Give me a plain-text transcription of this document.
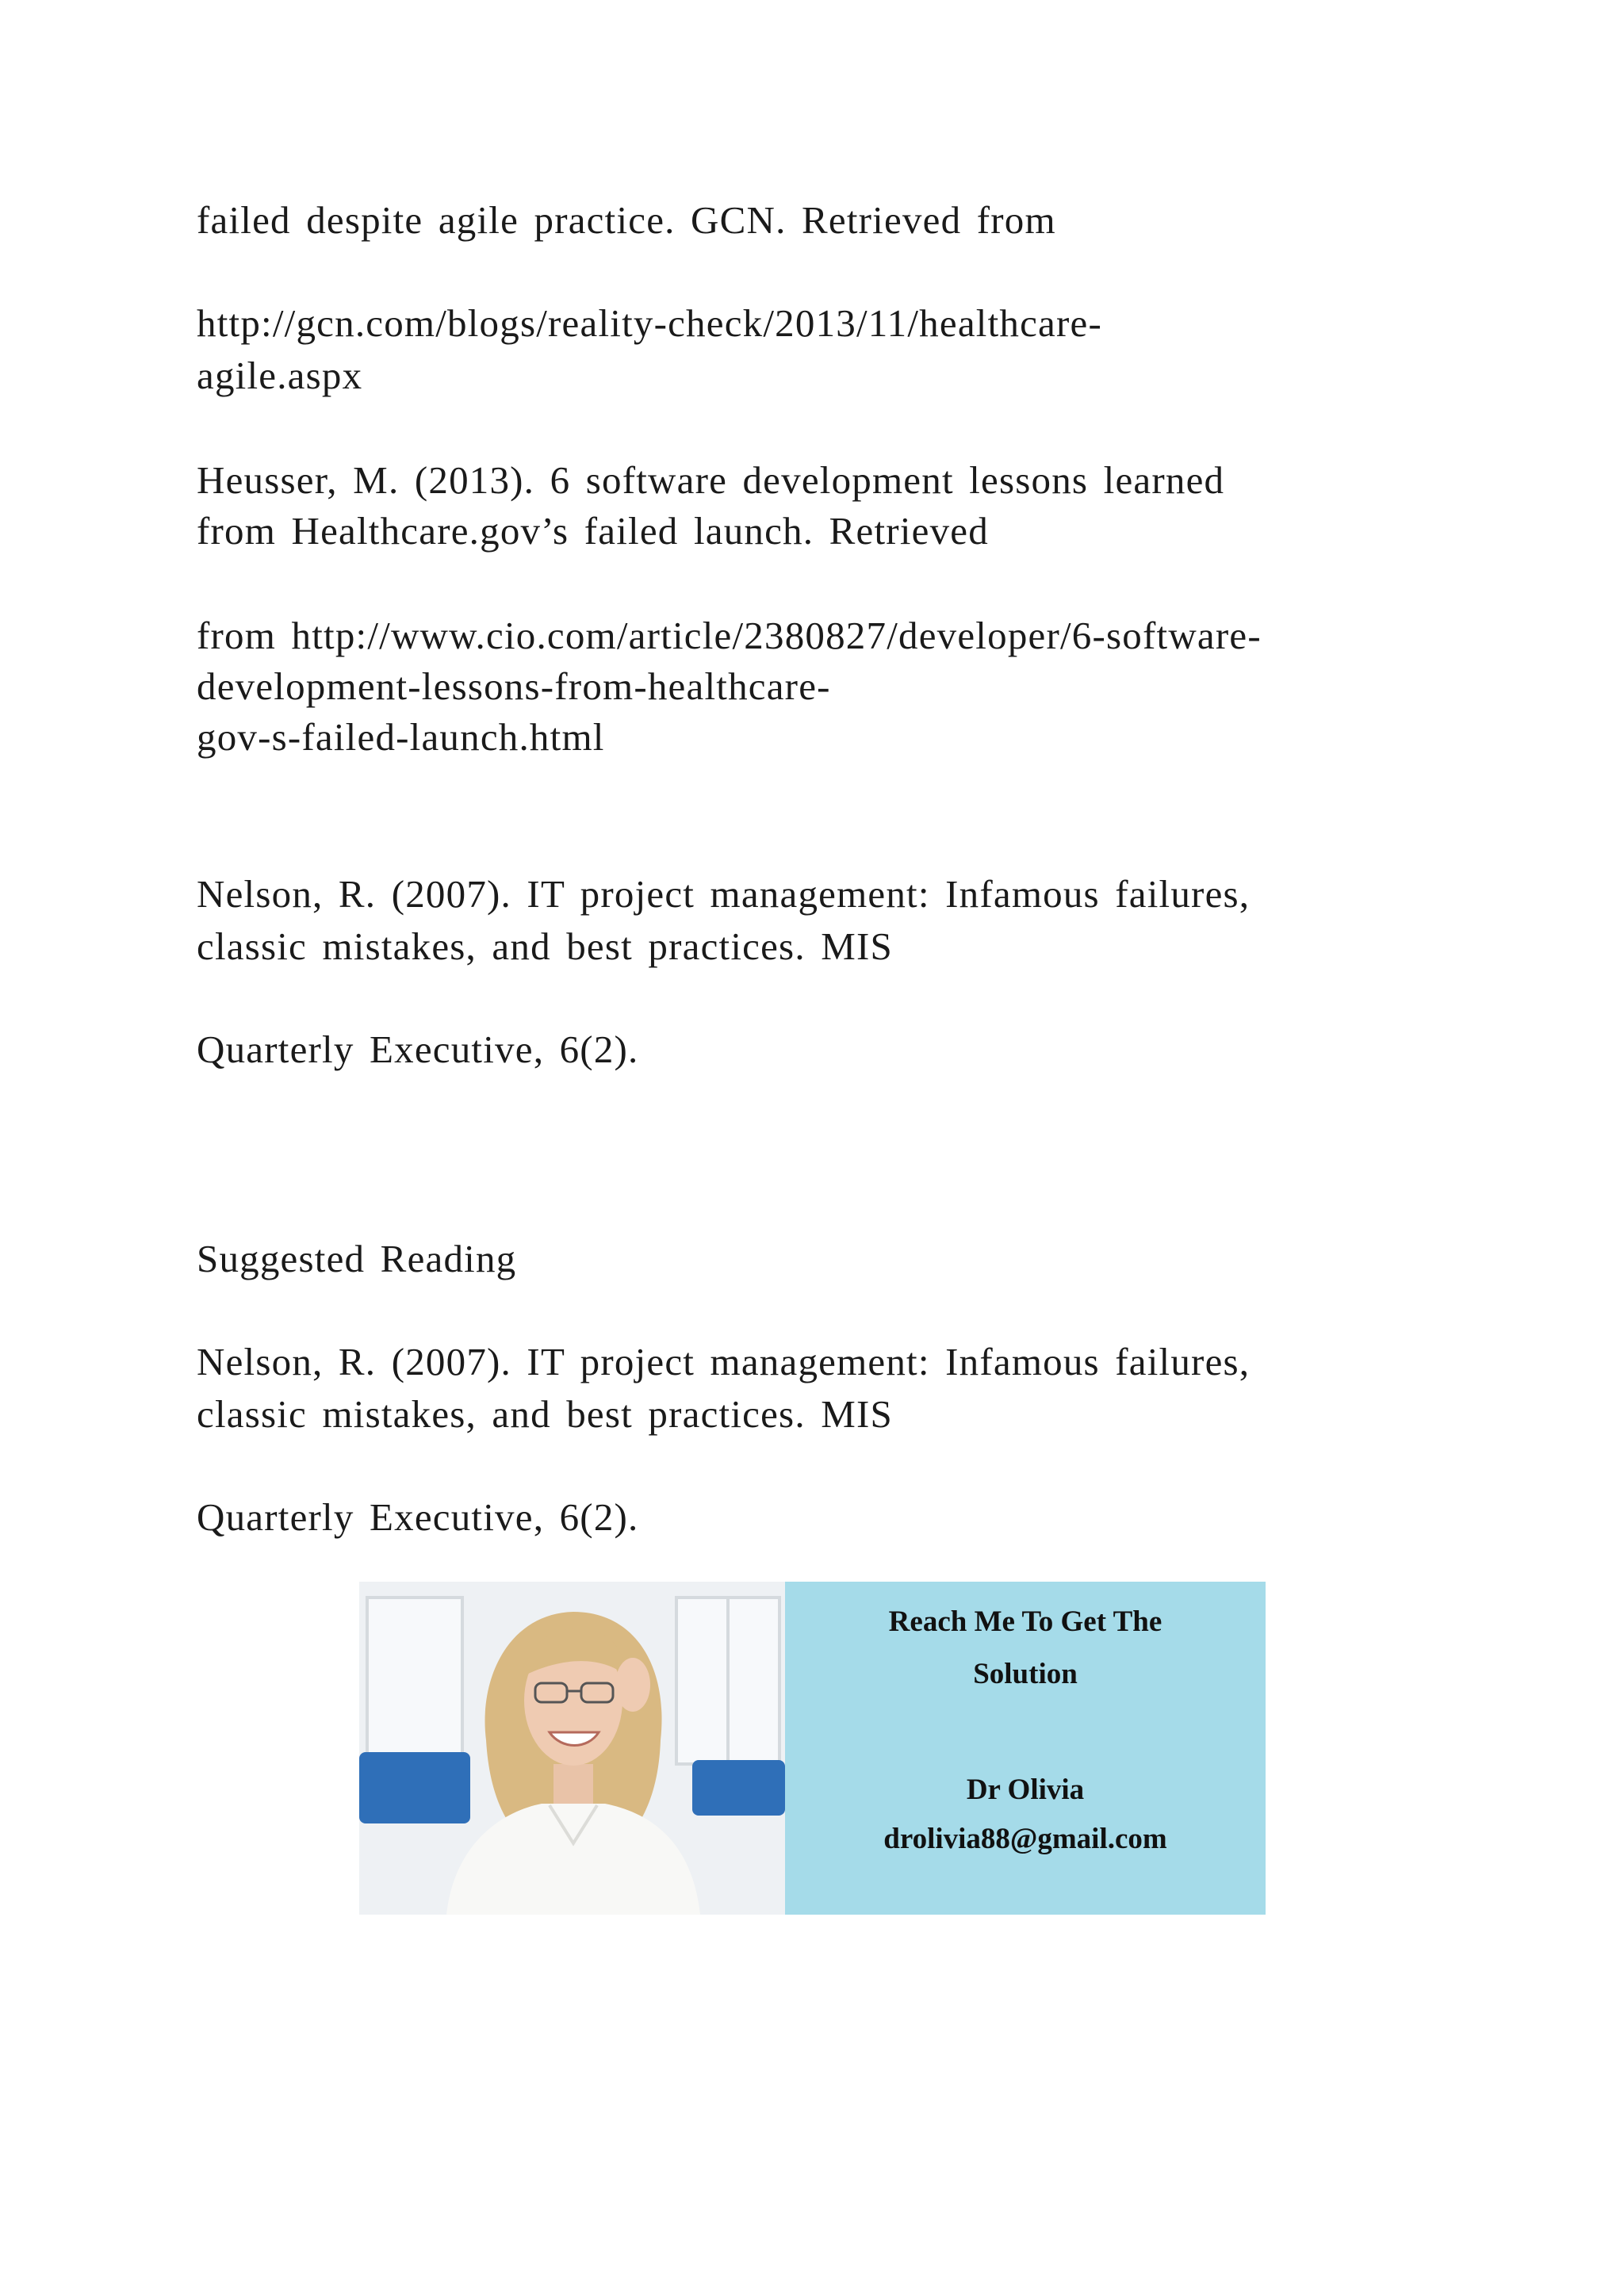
failed despite agile practice. GCN. Retrieved from
http://gcn.com/blogs/reality-check/2013/11/healthcare-
agile.aspx
Heusser, M. (2013). 6 software development lessons learned
from Healthcare.gov’s failed launch. Retrieved
from http://www.cio.com/article/2380827/developer/6-software-
development-lessons-from-healthcare-
gov-s-failed-launch.html
Nelson, R. (2007). IT project management: Infamous failures,
classic mistakes, and best practices. MIS
Quarterly Executive, 6(2).
Suggested Reading
Nelson, R. (2007). IT project management: Infamous failures,
classic mistakes, and best practices. MIS
Quarterly Executive, 6(2).
Reach Me To Get The
Solution
Dr Olivia
drolivia88@gmail.com
